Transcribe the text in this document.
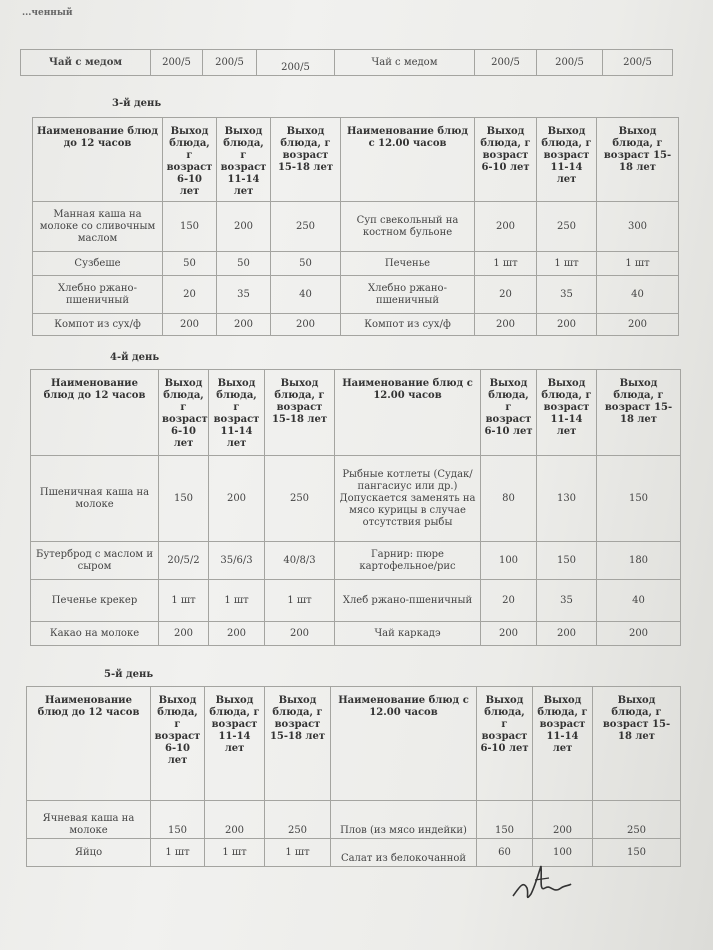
...ченный
Чай с медом	200/5	200/5	200/5	Чай с медом	200/5	200/5	200/5
3-й день
Наименование блюд до 12 часов	Выход блюда, г возраст 6-10 лет	Выход блюда, г возраст 11-14 лет	Выход блюда, г возраст 15-18 лет	Наименование блюд с 12.00 часов	Выход блюда, г возраст 6-10 лет	Выход блюда, г возраст 11-14 лет	Выход блюда, г возраст 15-18 лет
Манная каша на молоке со сливочным маслом	150	200	250	Суп свекольный на костном бульоне	200	250	300
Сузбеше	50	50	50	Печенье	1 шт	1 шт	1 шт
Хлебно ржано-пшеничный	20	35	40	Хлебно ржано-пшеничный	20	35	40
Компот из сух/ф	200	200	200	Компот из сух/ф	200	200	200
4-й день
Наименование блюд до 12 часов	Выход блюда, г возраст 6-10 лет	Выход блюда, г возраст 11-14 лет	Выход блюда, г возраст 15-18 лет	Наименование блюд с 12.00 часов	Выход блюда, г возраст 6-10 лет	Выход блюда, г возраст 11-14 лет	Выход блюда, г возраст 15-18 лет
Пшеничная каша на молоке	150	200	250	Рыбные котлеты (Судак/пангасиус или др.) Допускается заменять на мясо курицы в случае отсутствия рыбы	80	130	150
Бутерброд с маслом и сыром	20/5/2	35/6/3	40/8/3	Гарнир: пюре картофельное/рис	100	150	180
Печенье крекер	1 шт	1 шт	1 шт	Хлеб ржано-пшеничный	20	35	40
Какао на молоке	200	200	200	Чай каркадэ	200	200	200
5-й день
Наименование блюд до 12 часов	Выход блюда, г возраст 6-10 лет	Выход блюда, г возраст 11-14 лет	Выход блюда, г возраст 15-18 лет	Наименование блюд с 12.00 часов	Выход блюда, г возраст 6-10 лет	Выход блюда, г возраст 11-14 лет	Выход блюда, г возраст 15-18 лет
Ячневая каша на молоке	150	200	250	Плов (из мясо индейки)	150	200	250
Яйцо	1 шт	1 шт	1 шт	Салат из белокочанной	60	100	150
